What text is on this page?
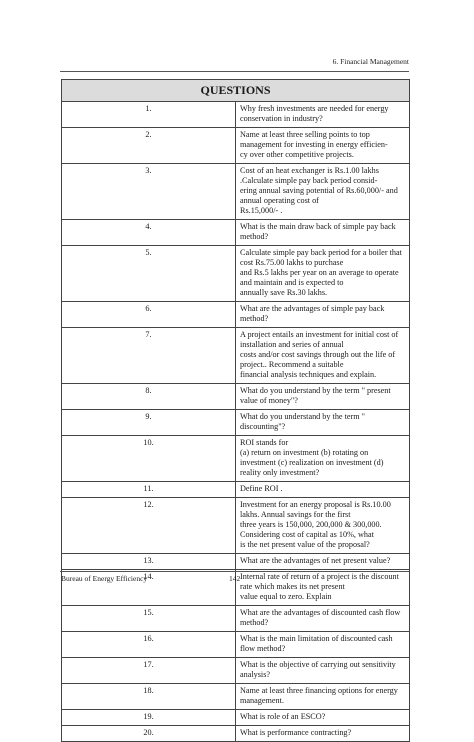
6. Financial Management
QUESTIONS	
1.	Why fresh investments are needed for energy conservation in industry?
2.	Name at least three selling points to top management for investing in energy efficien-
cy over other competitive projects.
3.	Cost of an heat exchanger is Rs.1.00 lakhs .Calculate simple pay back period consid-
ering annual saving potential of Rs.60,000/- and annual operating cost of
Rs.15,000/- .
4.	What is the main draw back of simple pay back method?
5.	Calculate simple pay back period for a boiler that cost Rs.75.00 lakhs to purchase
and Rs.5 lakhs per year on an average to operate and maintain and is expected to
annually save Rs.30 lakhs.
6.	What are the advantages of simple pay back method?
7.	A project entails an investment for initial cost of installation and series of annual
costs and/or cost savings through out the life of project.. Recommend a suitable
financial analysis techniques and explain.
8.	What do you understand by the term " present value of money"?
9.	What do you understand by the term " discounting"?
10.	ROI stands for
(a) return on investment (b) rotating on investment (c) realization on investment (d)
reality only investment?
11.	Define ROI .
12.	Investment for an energy proposal is Rs.10.00 lakhs. Annual savings for the first
three years is 150,000, 200,000 & 300,000. Considering cost of capital as 10%, what
is the net present value of the proposal?
13.	What are the advantages of net present value?
14.	Internal rate of return of a project is the discount rate which makes its net present
value equal to zero. Explain
15.	What are the advantages of discounted cash flow method?
16.	What is the main limitation of discounted cash flow method?
17.	What is the objective of carrying out sensitivity analysis?
18.	Name at least three financing options for energy management.
19.	What is role of an ESCO?
20.	What is performance contracting?
Bureau of Energy Efficiency	142
